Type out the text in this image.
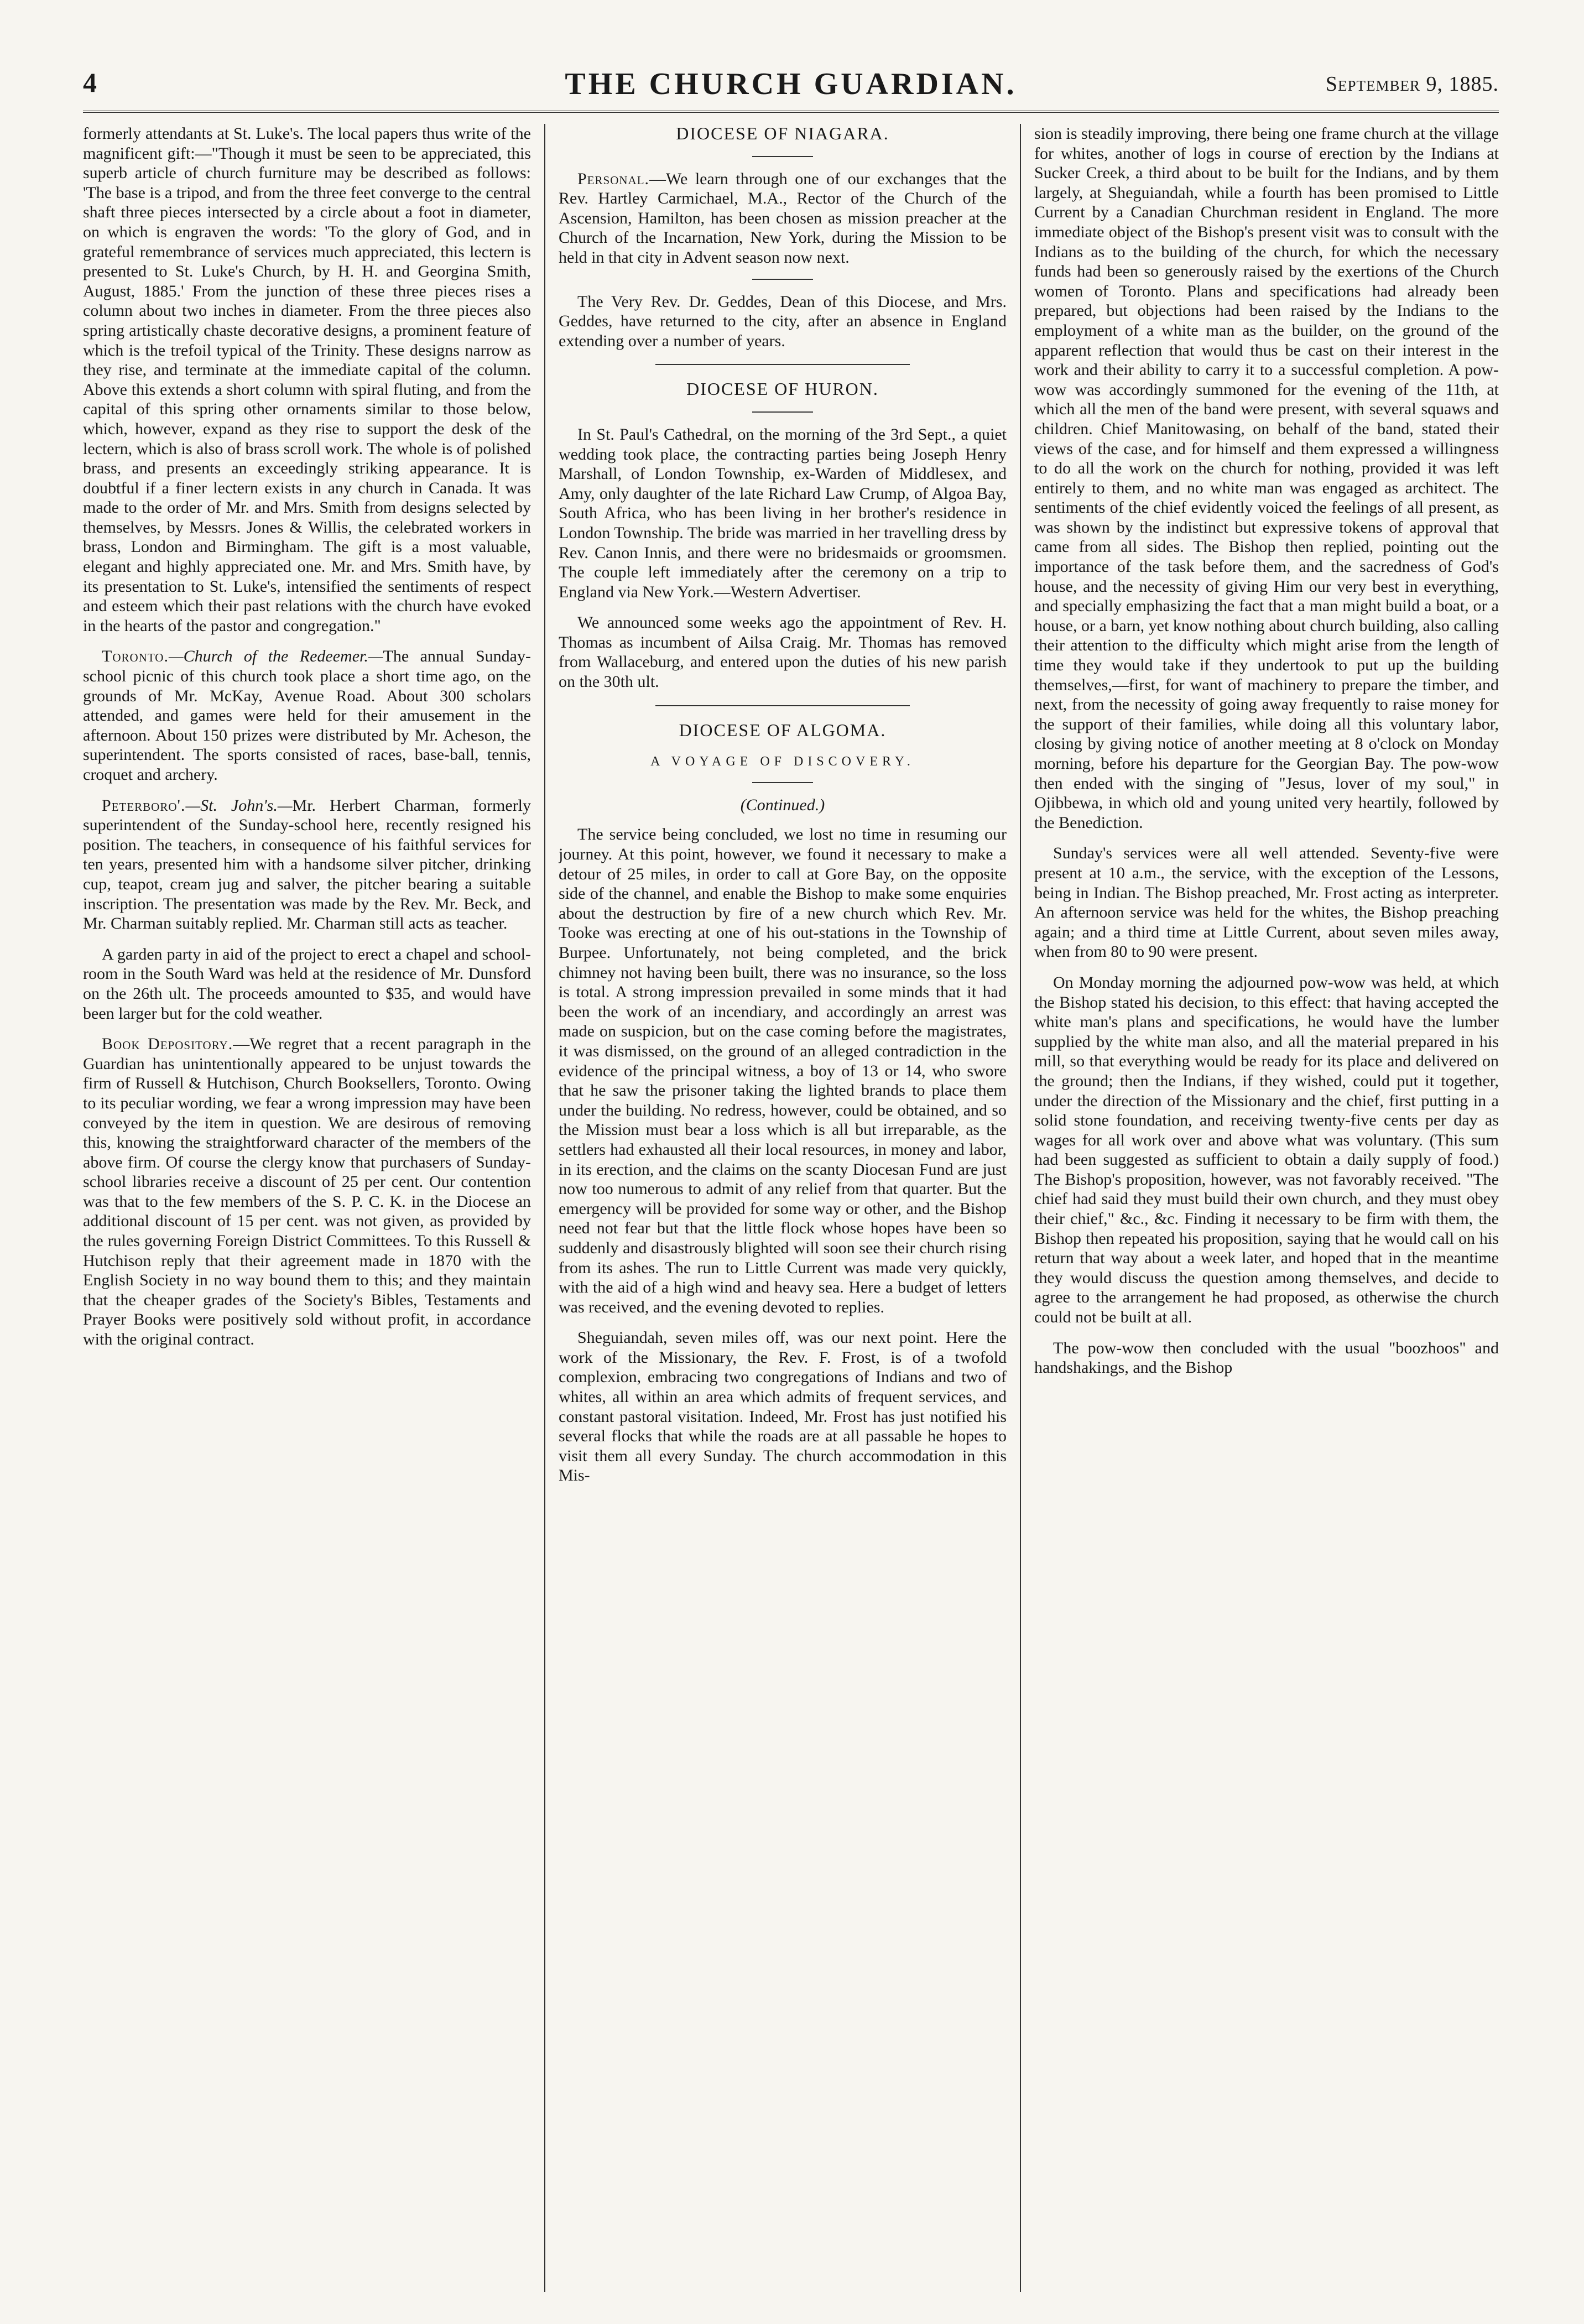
4	THE CHURCH GUARDIAN.	September 9, 1885.

formerly attendants at St. Luke's. The local papers thus write of the magnificent gift:—"Though it must be seen to be appreciated, this superb article of church furniture may be described as follows: 'The base is a tripod, and from the three feet converge to the central shaft three pieces intersected by a circle about a foot in diameter, on which is engraven the words: 'To the glory of God, and in grateful remembrance of services much appreciated, this lectern is presented to St. Luke's Church, by H. H. and Georgina Smith, August, 1885.' From the junction of these three pieces rises a column about two inches in diameter. From the three pieces also spring artistically chaste decorative designs, a prominent feature of which is the trefoil typical of the Trinity. These designs narrow as they rise, and terminate at the immediate capital of the column. Above this extends a short column with spiral fluting, and from the capital of this spring other ornaments similar to those below, which, however, expand as they rise to support the desk of the lectern, which is also of brass scroll work. The whole is of polished brass, and presents an exceedingly striking appearance. It is doubtful if a finer lectern exists in any church in Canada. It was made to the order of Mr. and Mrs. Smith from designs selected by themselves, by Messrs. Jones & Willis, the celebrated workers in brass, London and Birmingham. The gift is a most valuable, elegant and highly appreciated one. Mr. and Mrs. Smith have, by its presentation to St. Luke's, intensified the sentiments of respect and esteem which their past relations with the church have evoked in the hearts of the pastor and congregation."

Toronto.—Church of the Redeemer.—The annual Sunday-school picnic of this church took place a short time ago, on the grounds of Mr. McKay, Avenue Road. About 300 scholars attended, and games were held for their amusement in the afternoon. About 150 prizes were distributed by Mr. Acheson, the superintendent. The sports consisted of races, base-ball, tennis, croquet and archery.

Peterboro'.—St. John's.—Mr. Herbert Charman, formerly superintendent of the Sunday-school here, recently resigned his position. The teachers, in consequence of his faithful services for ten years, presented him with a handsome silver pitcher, drinking cup, teapot, cream jug and salver, the pitcher bearing a suitable inscription. The presentation was made by the Rev. Mr. Beck, and Mr. Charman suitably replied. Mr. Charman still acts as teacher.

A garden party in aid of the project to erect a chapel and school-room in the South Ward was held at the residence of Mr. Dunsford on the 26th ult. The proceeds amounted to $35, and would have been larger but for the cold weather.

Book Depository.—We regret that a recent paragraph in the Guardian has unintentionally appeared to be unjust towards the firm of Russell & Hutchison, Church Booksellers, Toronto. Owing to its peculiar wording, we fear a wrong impression may have been conveyed by the item in question. We are desirous of removing this, knowing the straightforward character of the members of the above firm. Of course the clergy know that purchasers of Sunday-school libraries receive a discount of 25 per cent. Our contention was that to the few members of the S. P. C. K. in the Diocese an additional discount of 15 per cent. was not given, as provided by the rules governing Foreign District Committees. To this Russell & Hutchison reply that their agreement made in 1870 with the English Society in no way bound them to this; and they maintain that the cheaper grades of the Society's Bibles, Testaments and Prayer Books were positively sold without profit, in accordance with the original contract.

DIOCESE OF NIAGARA.

Personal.—We learn through one of our exchanges that the Rev. Hartley Carmichael, M.A., Rector of the Church of the Ascension, Hamilton, has been chosen as mission preacher at the Church of the Incarnation, New York, during the Mission to be held in that city in Advent season now next.

The Very Rev. Dr. Geddes, Dean of this Diocese, and Mrs. Geddes, have returned to the city, after an absence in England extending over a number of years.

DIOCESE OF HURON.

In St. Paul's Cathedral, on the morning of the 3rd Sept., a quiet wedding took place, the contracting parties being Joseph Henry Marshall, of London Township, ex-Warden of Middlesex, and Amy, only daughter of the late Richard Law Crump, of Algoa Bay, South Africa, who has been living in her brother's residence in London Township. The bride was married in her travelling dress by Rev. Canon Innis, and there were no bridesmaids or groomsmen. The couple left immediately after the ceremony on a trip to England via New York.—Western Advertiser.

We announced some weeks ago the appointment of Rev. H. Thomas as incumbent of Ailsa Craig. Mr. Thomas has removed from Wallaceburg, and entered upon the duties of his new parish on the 30th ult.

DIOCESE OF ALGOMA.
A VOYAGE OF DISCOVERY.
(Continued.)

The service being concluded, we lost no time in resuming our journey. At this point, however, we found it necessary to make a detour of 25 miles, in order to call at Gore Bay, on the opposite side of the channel, and enable the Bishop to make some enquiries about the destruction by fire of a new church which Rev. Mr. Tooke was erecting at one of his out-stations in the Township of Burpee. Unfortunately, not being completed, and the brick chimney not having been built, there was no insurance, so the loss is total. A strong impression prevailed in some minds that it had been the work of an incendiary, and accordingly an arrest was made on suspicion, but on the case coming before the magistrates, it was dismissed, on the ground of an alleged contradiction in the evidence of the principal witness, a boy of 13 or 14, who swore that he saw the prisoner taking the lighted brands to place them under the building. No redress, however, could be obtained, and so the Mission must bear a loss which is all but irreparable, as the settlers had exhausted all their local resources, in money and labor, in its erection, and the claims on the scanty Diocesan Fund are just now too numerous to admit of any relief from that quarter. But the emergency will be provided for some way or other, and the Bishop need not fear but that the little flock whose hopes have been so suddenly and disastrously blighted will soon see their church rising from its ashes. The run to Little Current was made very quickly, with the aid of a high wind and heavy sea. Here a budget of letters was received, and the evening devoted to replies.

Sheguiandah, seven miles off, was our next point. Here the work of the Missionary, the Rev. F. Frost, is of a twofold complexion, embracing two congregations of Indians and two of whites, all within an area which admits of frequent services, and constant pastoral visitation. Indeed, Mr. Frost has just notified his several flocks that while the roads are at all passable he hopes to visit them all every Sunday. The church accommodation in this Mis-

sion is steadily improving, there being one frame church at the village for whites, another of logs in course of erection by the Indians at Sucker Creek, a third about to be built for the Indians, and by them largely, at Sheguiandah, while a fourth has been promised to Little Current by a Canadian Churchman resident in England. The more immediate object of the Bishop's present visit was to consult with the Indians as to the building of the church, for which the necessary funds had been so generously raised by the exertions of the Church women of Toronto. Plans and specifications had already been prepared, but objections had been raised by the Indians to the employment of a white man as the builder, on the ground of the apparent reflection that would thus be cast on their interest in the work and their ability to carry it to a successful completion. A pow-wow was accordingly summoned for the evening of the 11th, at which all the men of the band were present, with several squaws and children. Chief Manitowasing, on behalf of the band, stated their views of the case, and for himself and them expressed a willingness to do all the work on the church for nothing, provided it was left entirely to them, and no white man was engaged as architect. The sentiments of the chief evidently voiced the feelings of all present, as was shown by the indistinct but expressive tokens of approval that came from all sides. The Bishop then replied, pointing out the importance of the task before them, and the sacredness of God's house, and the necessity of giving Him our very best in everything, and specially emphasizing the fact that a man might build a boat, or a house, or a barn, yet know nothing about church building, also calling their attention to the difficulty which might arise from the length of time they would take if they undertook to put up the building themselves,—first, for want of machinery to prepare the timber, and next, from the necessity of going away frequently to raise money for the support of their families, while doing all this voluntary labor, closing by giving notice of another meeting at 8 o'clock on Monday morning, before his departure for the Georgian Bay. The pow-wow then ended with the singing of "Jesus, lover of my soul," in Ojibbewa, in which old and young united very heartily, followed by the Benediction.

Sunday's services were all well attended. Seventy-five were present at 10 a.m., the service, with the exception of the Lessons, being in Indian. The Bishop preached, Mr. Frost acting as interpreter. An afternoon service was held for the whites, the Bishop preaching again; and a third time at Little Current, about seven miles away, when from 80 to 90 were present.

On Monday morning the adjourned pow-wow was held, at which the Bishop stated his decision, to this effect: that having accepted the white man's plans and specifications, he would have the lumber supplied by the white man also, and all the material prepared in his mill, so that everything would be ready for its place and delivered on the ground; then the Indians, if they wished, could put it together, under the direction of the Missionary and the chief, first putting in a solid stone foundation, and receiving twenty-five cents per day as wages for all work over and above what was voluntary. (This sum had been suggested as sufficient to obtain a daily supply of food.) The Bishop's proposition, however, was not favorably received. "The chief had said they must build their own church, and they must obey their chief," &c., &c. Finding it necessary to be firm with them, the Bishop then repeated his proposition, saying that he would call on his return that way about a week later, and hoped that in the meantime they would discuss the question among themselves, and decide to agree to the arrangement he had proposed, as otherwise the church could not be built at all.

The pow-wow then concluded with the usual "boozhoos" and handshakings, and the Bishop
